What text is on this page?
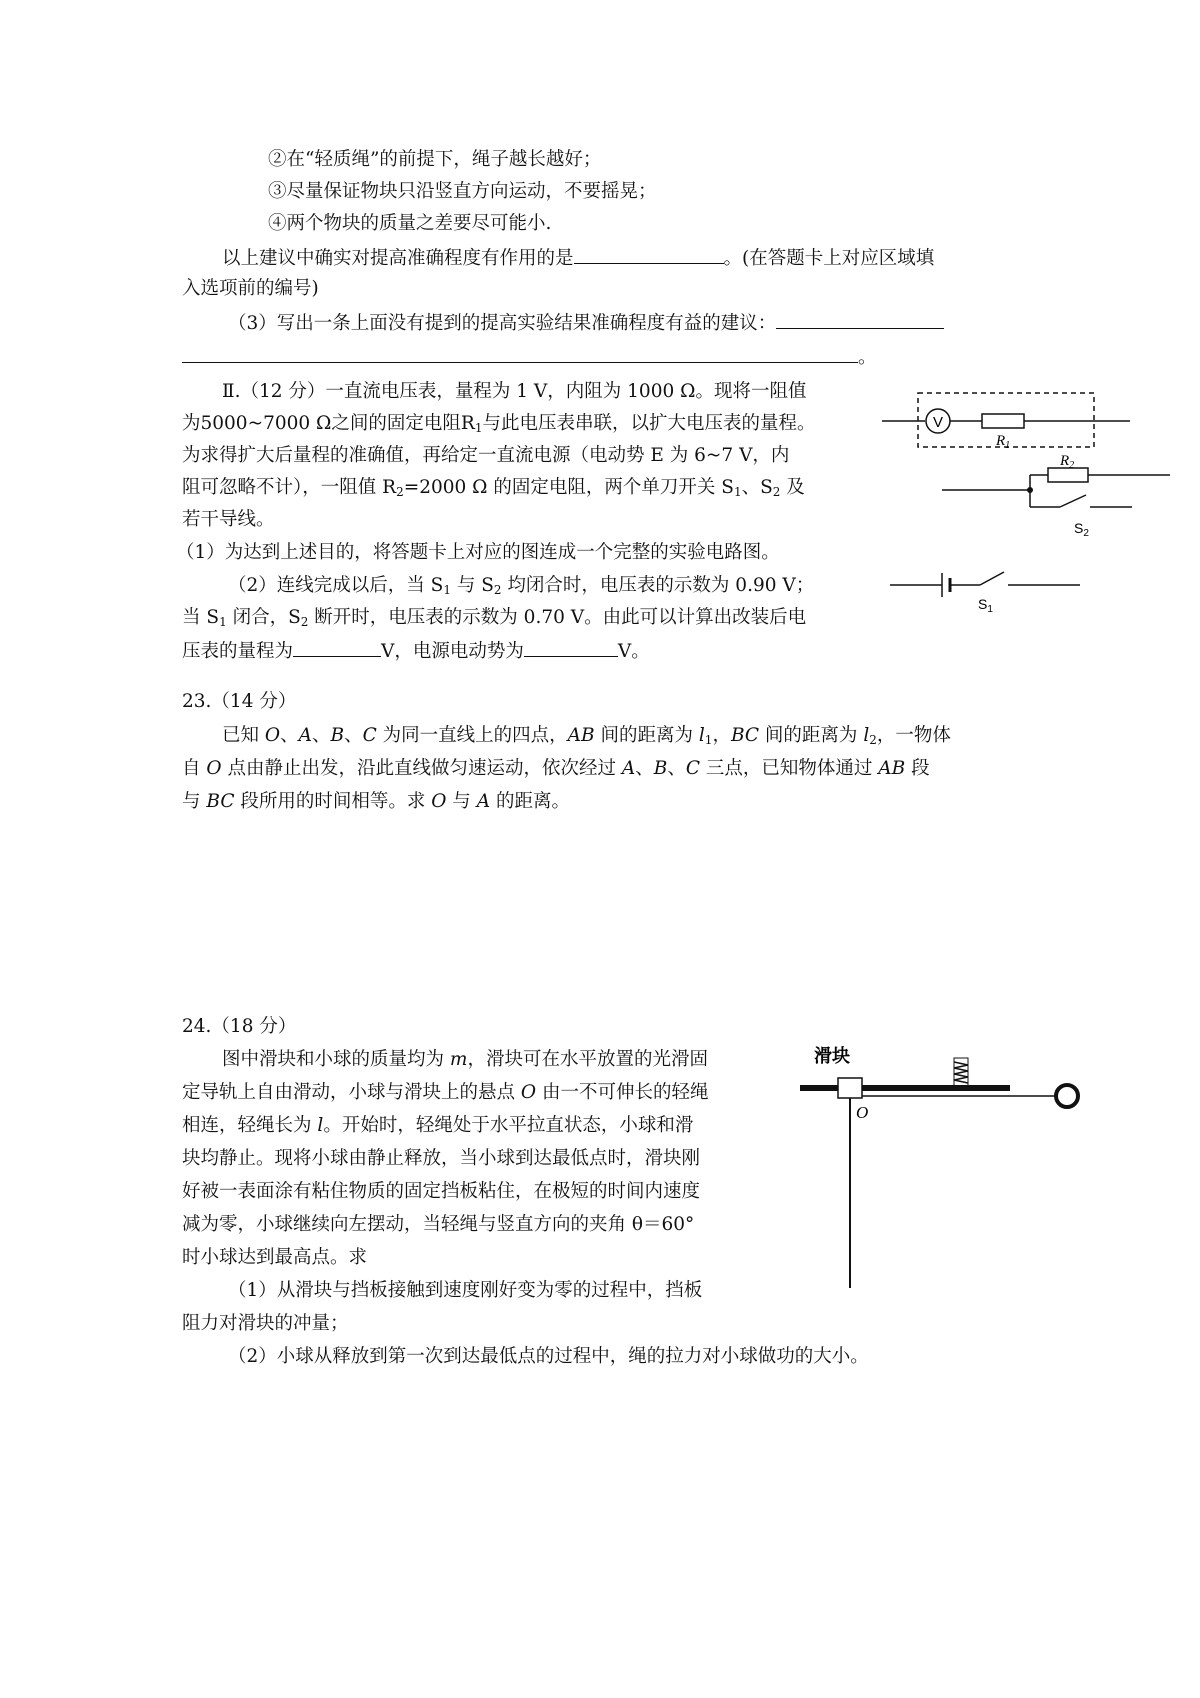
②在“轻质绳”的前提下，绳子越长越好；
③尽量保证物块只沿竖直方向运动，不要摇晃；
④两个物块的质量之差要尽可能小.
以上建议中确实对提高准确程度有作用的是	。(在答题卡上对应区域填
入选项前的编号)
（3）写出一条上面没有提到的提高实验结果准确程度有益的建议：
。
Ⅱ.（12 分）一直流电压表，量程为 1 V，内阻为 1000 Ω。现将一阻值
为5000~7000 Ω之间的固定电阻$R_1$与此电压表串联，以扩大电压表的量程。
为求得扩大后量程的准确值，再给定一直流电源（电动势 E 为 6~7 V，内
阻可忽略不计），一阻值 $R_2=2000$ Ω 的固定电阻，两个单刀开关 $S_1$、$S_2$ 及
若干导线。
（1）为达到上述目的，将答题卡上对应的图连成一个完整的实验电路图。
（2）连线完成以后，当 $S_1$ 与 $S_2$ 均闭合时，电压表的示数为 0.90 V；
当 $S_1$ 闭合，$S_2$ 断开时，电压表的示数为 0.70 V。由此可以计算出改装后电
压表的量程为	V，电源电动势为	V。
V
$R_1$
$R_2$
$S_2$
$S_1$
23.（14 分）
已知 O、A、B、C 为同一直线上的四点，AB 间的距离为 $l_1$，BC 间的距离为 $l_2$，一物体
自 O 点由静止出发，沿此直线做匀速运动，依次经过 A、B、C 三点，已知物体通过 AB 段
与 BC 段所用的时间相等。求 O 与 A 的距离。
24.（18 分）
图中滑块和小球的质量均为 m，滑块可在水平放置的光滑固
定导轨上自由滑动，小球与滑块上的悬点 O 由一不可伸长的轻绳
相连，轻绳长为 l。开始时，轻绳处于水平拉直状态，小球和滑
块均静止。现将小球由静止释放，当小球到达最低点时，滑块刚
好被一表面涂有粘住物质的固定挡板粘住，在极短的时间内速度
减为零，小球继续向左摆动，当轻绳与竖直方向的夹角 θ＝60°
时小球达到最高点。求
（1）从滑块与挡板接触到速度刚好变为零的过程中，挡板
阻力对滑块的冲量；
（2）小球从释放到第一次到达最低点的过程中，绳的拉力对小球做功的大小。
滑块
O
